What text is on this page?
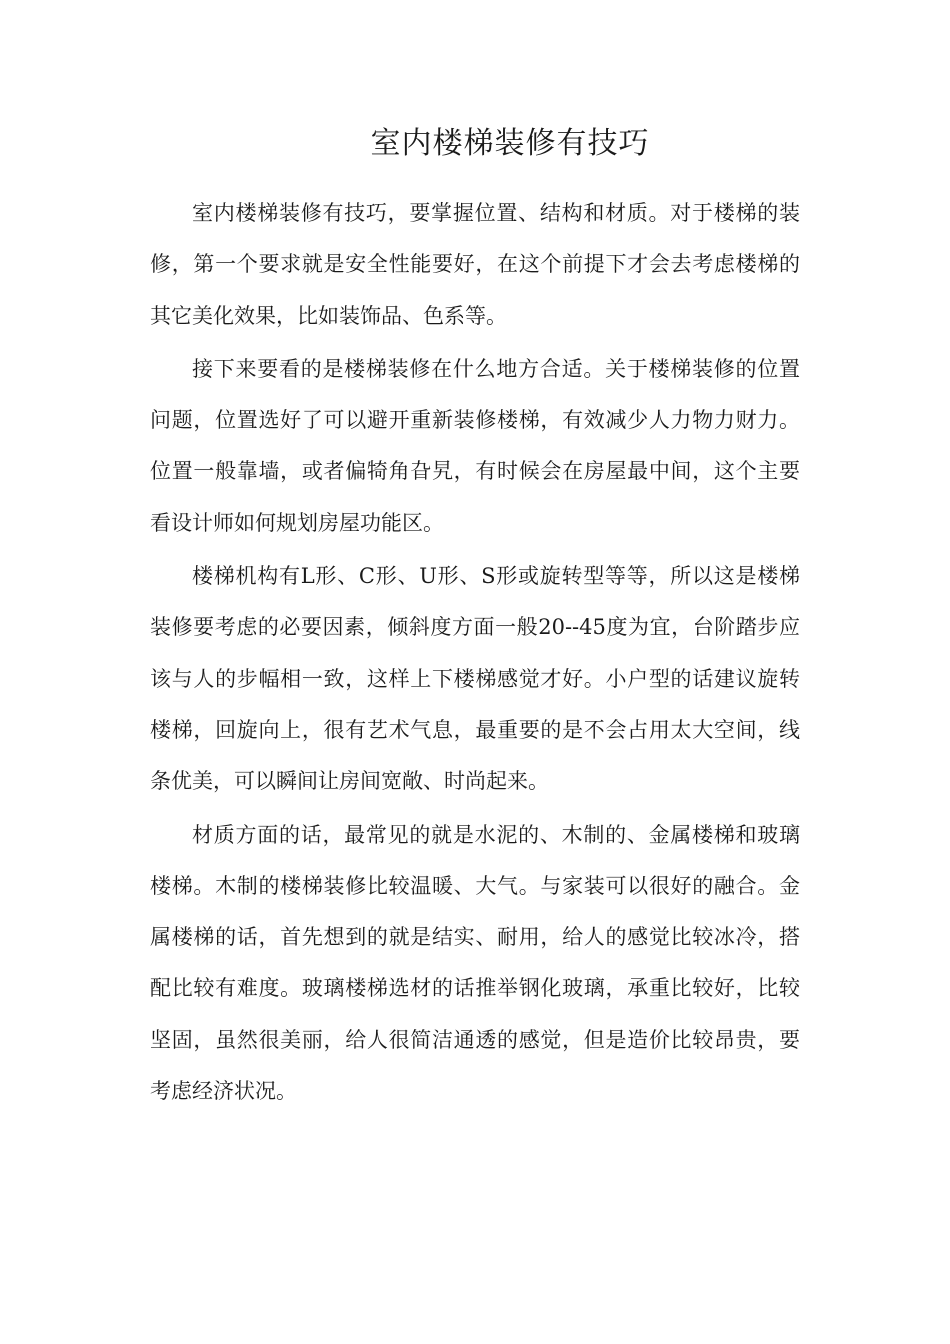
室内楼梯装修有技巧

室内楼梯装修有技巧，要掌握位置、结构和材质。对于楼梯的装修，第一个要求就是安全性能要好，在这个前提下才会去考虑楼梯的其它美化效果，比如装饰品、色系等。

接下来要看的是楼梯装修在什么地方合适。关于楼梯装修的位置问题，位置选好了可以避开重新装修楼梯，有效减少人力物力财力。位置一般靠墙，或者偏犄角旮旯，有时候会在房屋最中间，这个主要看设计师如何规划房屋功能区。

楼梯机构有L形、C形、U形、S形或旋转型等等，所以这是楼梯装修要考虑的必要因素，倾斜度方面一般20--45度为宜，台阶踏步应该与人的步幅相一致，这样上下楼梯感觉才好。小户型的话建议旋转楼梯，回旋向上，很有艺术气息，最重要的是不会占用太大空间，线条优美，可以瞬间让房间宽敞、时尚起来。

材质方面的话，最常见的就是水泥的、木制的、金属楼梯和玻璃楼梯。木制的楼梯装修比较温暖、大气。与家装可以很好的融合。金属楼梯的话，首先想到的就是结实、耐用，给人的感觉比较冰冷，搭配比较有难度。玻璃楼梯选材的话推举钢化玻璃，承重比较好，比较坚固，虽然很美丽，给人很简洁通透的感觉，但是造价比较昂贵，要考虑经济状况。
